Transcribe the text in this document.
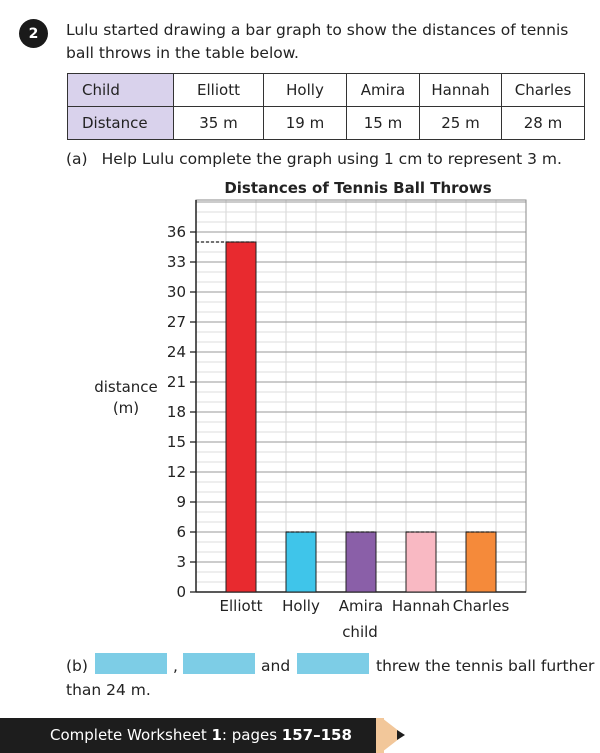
2 Lulu started drawing a bar graph to show the distances of tennis ball throws in the table below.
Child	Elliott	Holly	Amira	Hannah	Charles
Distance	35 m	19 m	15 m	25 m	28 m
(a) Help Lulu complete the graph using 1 cm to represent 3 m.
0
3
6
9
12
15
18
21
24
27
30
33
36
Elliott Holly Amira Hannah Charles
Distances of Tennis Ball Throws
child
distance
(m)
(b)	,	and	threw the tennis ball further
than 24 m.
Complete Worksheet 1: pages 157–158
